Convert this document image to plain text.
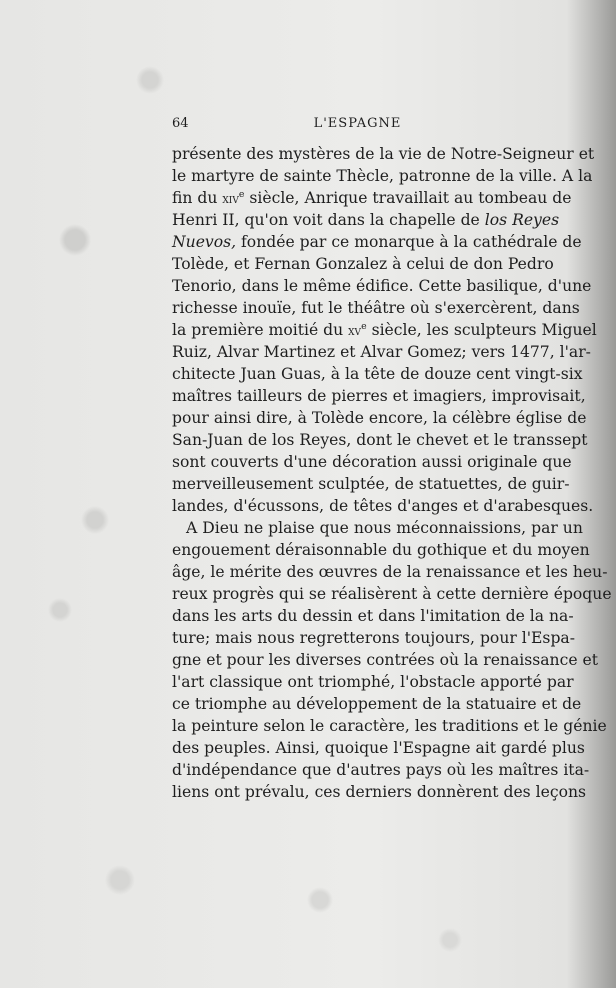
64	L'ESPAGNE
présente des mystères de la vie de Notre-Seigneur et
le martyre de sainte Thècle, patronne de la ville. A la
fin du xiv$^e$ siècle, Anrique travaillait au tombeau de
Henri II, qu'on voit dans la chapelle de los Reyes
Nuevos, fondée par ce monarque à la cathédrale de
Tolède, et Fernan Gonzalez à celui de don Pedro
Tenorio, dans le même édifice. Cette basilique, d'une
richesse inouïe, fut le théâtre où s'exercèrent, dans
la première moitié du $xv^e$ siècle, les sculpteurs Miguel
Ruiz, Alvar Martinez et Alvar Gomez; vers 1477, l'ar-
chitecte Juan Guas, à la tête de douze cent vingt-six
maîtres tailleurs de pierres et imagiers, improvisait,
pour ainsi dire, à Tolède encore, la célèbre église de
San-Juan de los Reyes, dont le chevet et le transsept
sont couverts d'une décoration aussi originale que
merveilleusement sculptée, de statuettes, de guir-
landes, d'écussons, de têtes d'anges et d'arabesques.
A Dieu ne plaise que nous méconnaissions, par un
engouement déraisonnable du gothique et du moyen
âge, le mérite des œuvres de la renaissance et les heu-
reux progrès qui se réalisèrent à cette dernière époque
dans les arts du dessin et dans l'imitation de la na-
ture; mais nous regretterons toujours, pour l'Espa-
gne et pour les diverses contrées où la renaissance et
l'art classique ont triomphé, l'obstacle apporté par
ce triomphe au développement de la statuaire et de
la peinture selon le caractère, les traditions et le génie
des peuples. Ainsi, quoique l'Espagne ait gardé plus
d'indépendance que d'autres pays où les maîtres ita-
liens ont prévalu, ces derniers donnèrent des leçons
